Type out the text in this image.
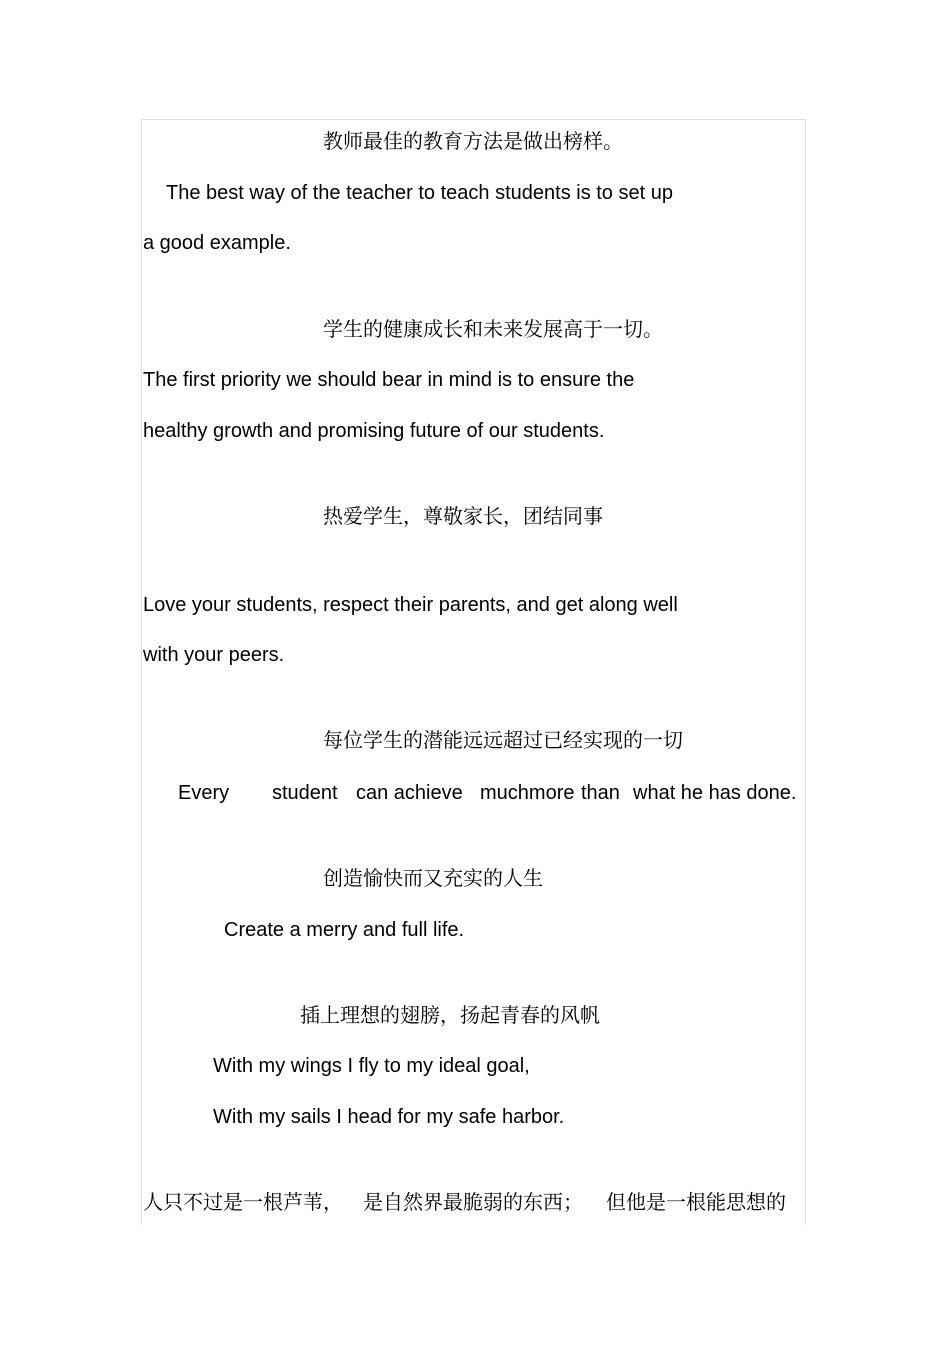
教师最佳的教育方法是做出榜样。
The best way of the teacher to teach students is to set up
a good example.
学生的健康成长和未来发展高于一切。
The first priority we should bear in mind is to ensure the
healthy growth and promising future of our students.
热爱学生，尊敬家长，团结同事
Love your students, respect their parents, and get along well
with your peers.
每位学生的潜能远远超过已经实现的一切
Every student can achieve muchmore than what he has done.
创造愉快而又充实的人生
Create a merry and full life.
插上理想的翅膀，扬起青春的风帆
With my wings I fly to my ideal goal,
With my sails I head for my safe harbor.
人只不过是一根芦苇， 是自然界最脆弱的东西； 但他是一根能思想的
